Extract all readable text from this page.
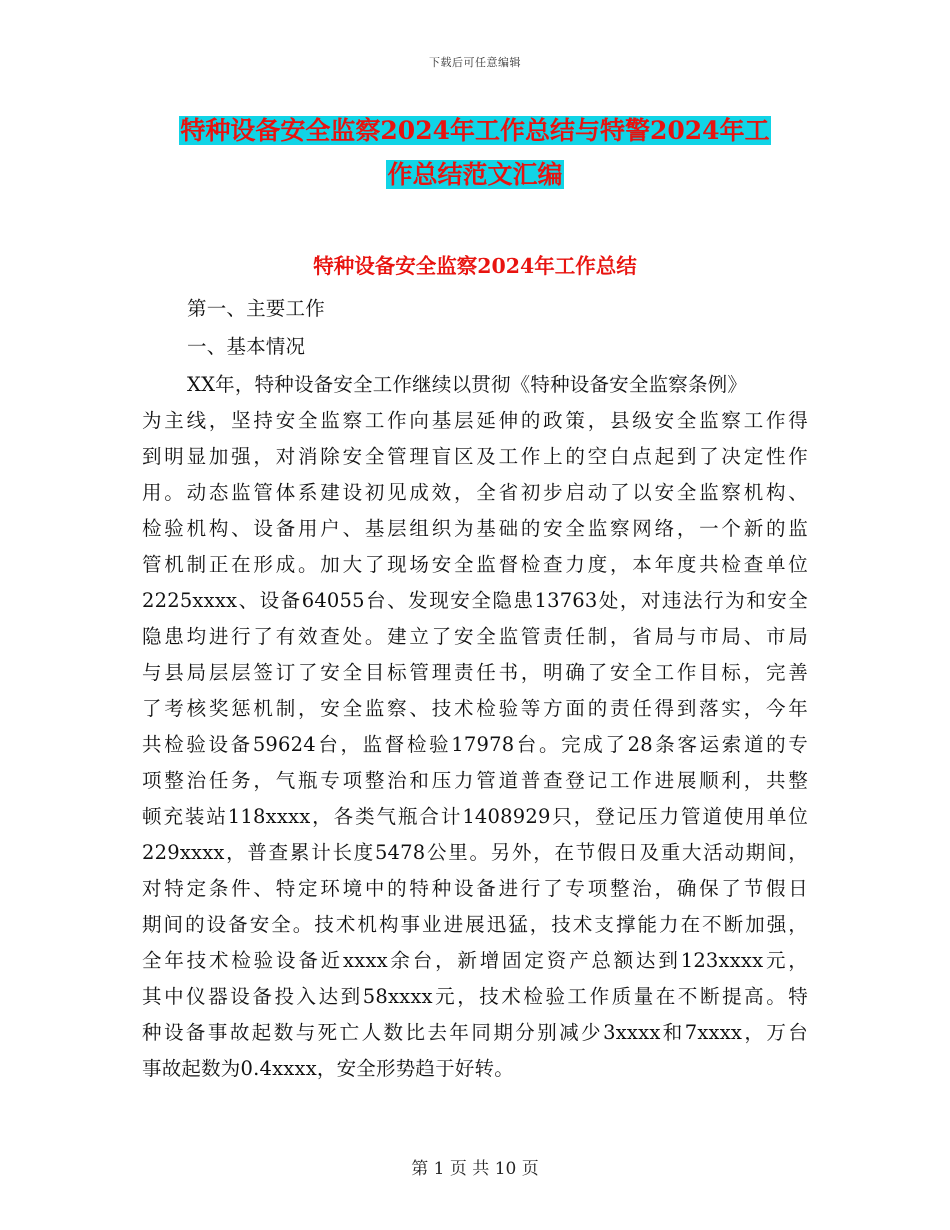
下载后可任意编辑
特种设备安全监察2024年工作总结与特警2024年工
作总结范文汇编
特种设备安全监察2024年工作总结
第一、主要工作
一、基本情况
XX年，特种设备安全工作继续以贯彻《特种设备安全监察条例》
为主线，坚持安全监察工作向基层延伸的政策，县级安全监察工作得
到明显加强，对消除安全管理盲区及工作上的空白点起到了决定性作
用。动态监管体系建设初见成效，全省初步启动了以安全监察机构、
检验机构、设备用户、基层组织为基础的安全监察网络，一个新的监
管机制正在形成。加大了现场安全监督检查力度，本年度共检查单位
2225xxxx、设备64055台、发现安全隐患13763处，对违法行为和安全
隐患均进行了有效查处。建立了安全监管责任制，省局与市局、市局
与县局层层签订了安全目标管理责任书，明确了安全工作目标，完善
了考核奖惩机制，安全监察、技术检验等方面的责任得到落实，今年
共检验设备59624台，监督检验17978台。完成了28条客运索道的专
项整治任务，气瓶专项整治和压力管道普查登记工作进展顺利，共整
顿充装站118xxxx，各类气瓶合计1408929只，登记压力管道使用单位
229xxxx，普查累计长度5478公里。另外，在节假日及重大活动期间，
对特定条件、特定环境中的特种设备进行了专项整治，确保了节假日
期间的设备安全。技术机构事业进展迅猛，技术支撑能力在不断加强，
全年技术检验设备近xxxx余台，新增固定资产总额达到123xxxx元，
其中仪器设备投入达到58xxxx元，技术检验工作质量在不断提高。特
种设备事故起数与死亡人数比去年同期分别减少3xxxx和7xxxx，万台
事故起数为0.4xxxx，安全形势趋于好转。
第 1 页 共 10 页
